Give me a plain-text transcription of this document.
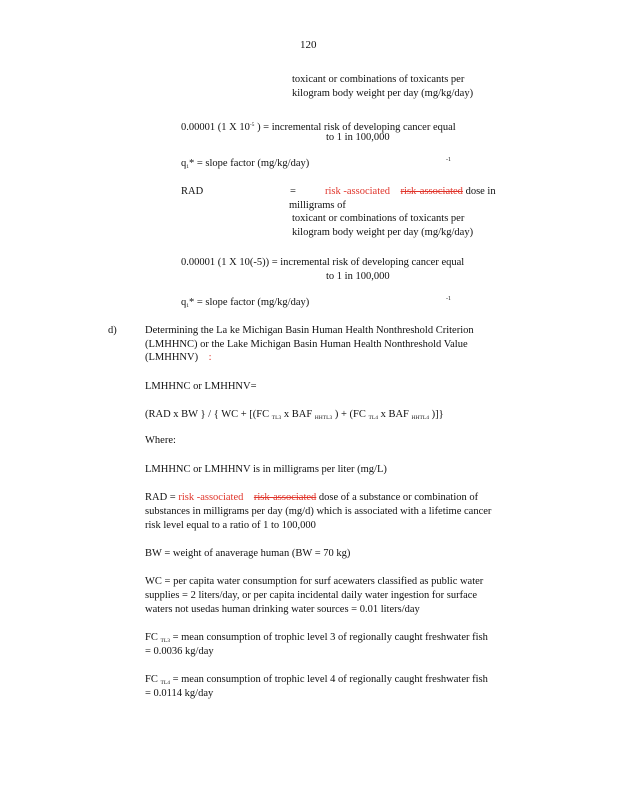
120
toxicant or combinations of toxicants per
kilogram body weight per day (mg/kg/day)
0.00001 (1 X $10^{-5}$ ) = incremental risk of developing cancer equal
to 1 in 100,000
$q_1*$ = slope factor (mg/kg/day)	-1
RAD	=	risk -associated risk-associated dose in
milligrams of
toxicant or combinations of toxicants per
kilogram body weight per day (mg/kg/day)
0.00001 (1 X 10(-5)) = incremental risk of developing cancer equal
to 1 in 100,000
$q_1*$ = slope factor (mg/kg/day)	-1
d)	Determining the La ke Michigan Basin Human Health Nonthreshold Criterion
(LMHHNC) or the Lake Michigan Basin Human Health Nonthreshold Value
(LMHHNV) :
LMHHNC or LMHHNV=
(RAD x BW } / { WC + [(FC $_{TL3}$ x BAF $_{HHTL3}$ ) + (FC $_{TL4}$ x BAF $_{HHTL4}$ )]}
Where:
LMHHNC or LMHHNV is in milligrams per liter (mg/L)
RAD = risk -associated risk-associated dose of a substance or combination of
substances in milligrams per day (mg/d) which is associated with a lifetime cancer
risk level equal to a ratio of 1 to 100,000
BW = weight of anaverage human (BW = 70 kg)
WC = per capita water consumption for surf acewaters classified as public water
supplies = 2 liters/day, or per capita incidental daily water ingestion for surface
waters not usedas human drinking water sources = 0.01 liters/day
FC $_{TL3}$ = mean consumption of trophic level 3 of regionally caught freshwater fish
= 0.0036 kg/day
FC $_{TL4}$ = mean consumption of trophic level 4 of regionally caught freshwater fish
= 0.0114 kg/day
